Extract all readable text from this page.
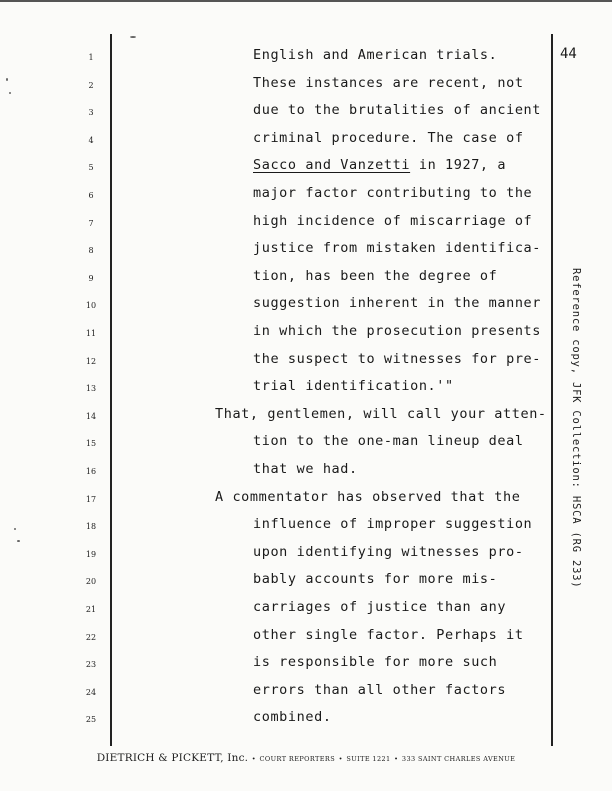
44
1
2
3
4
5
6
7
8
9
10
11
12
13
14
15
16
17
18
19
20
21
22
23
24
25
English and American trials.
These instances are recent, not
due to the brutalities of ancient
criminal procedure. The case of
Sacco and Vanzetti in 1927, a
major factor contributing to the
high incidence of miscarriage of
justice from mistaken identifica-
tion, has been the degree of
suggestion inherent in the manner
in which the prosecution presents
the suspect to witnesses for pre-
trial identification.'"
That, gentlemen, will call your atten-
tion to the one-man lineup deal
that we had.
A commentator has observed that the
influence of improper suggestion
upon identifying witnesses pro-
bably accounts for more mis-
carriages of justice than any
other single factor. Perhaps it
is responsible for more such
errors than all other factors
combined.
Reference copy, JFK Collection: HSCA (RG 233)
DIETRICH & PICKETT, Inc. • COURT REPORTERS • SUITE 1221 • 333 SAINT CHARLES AVENUE
